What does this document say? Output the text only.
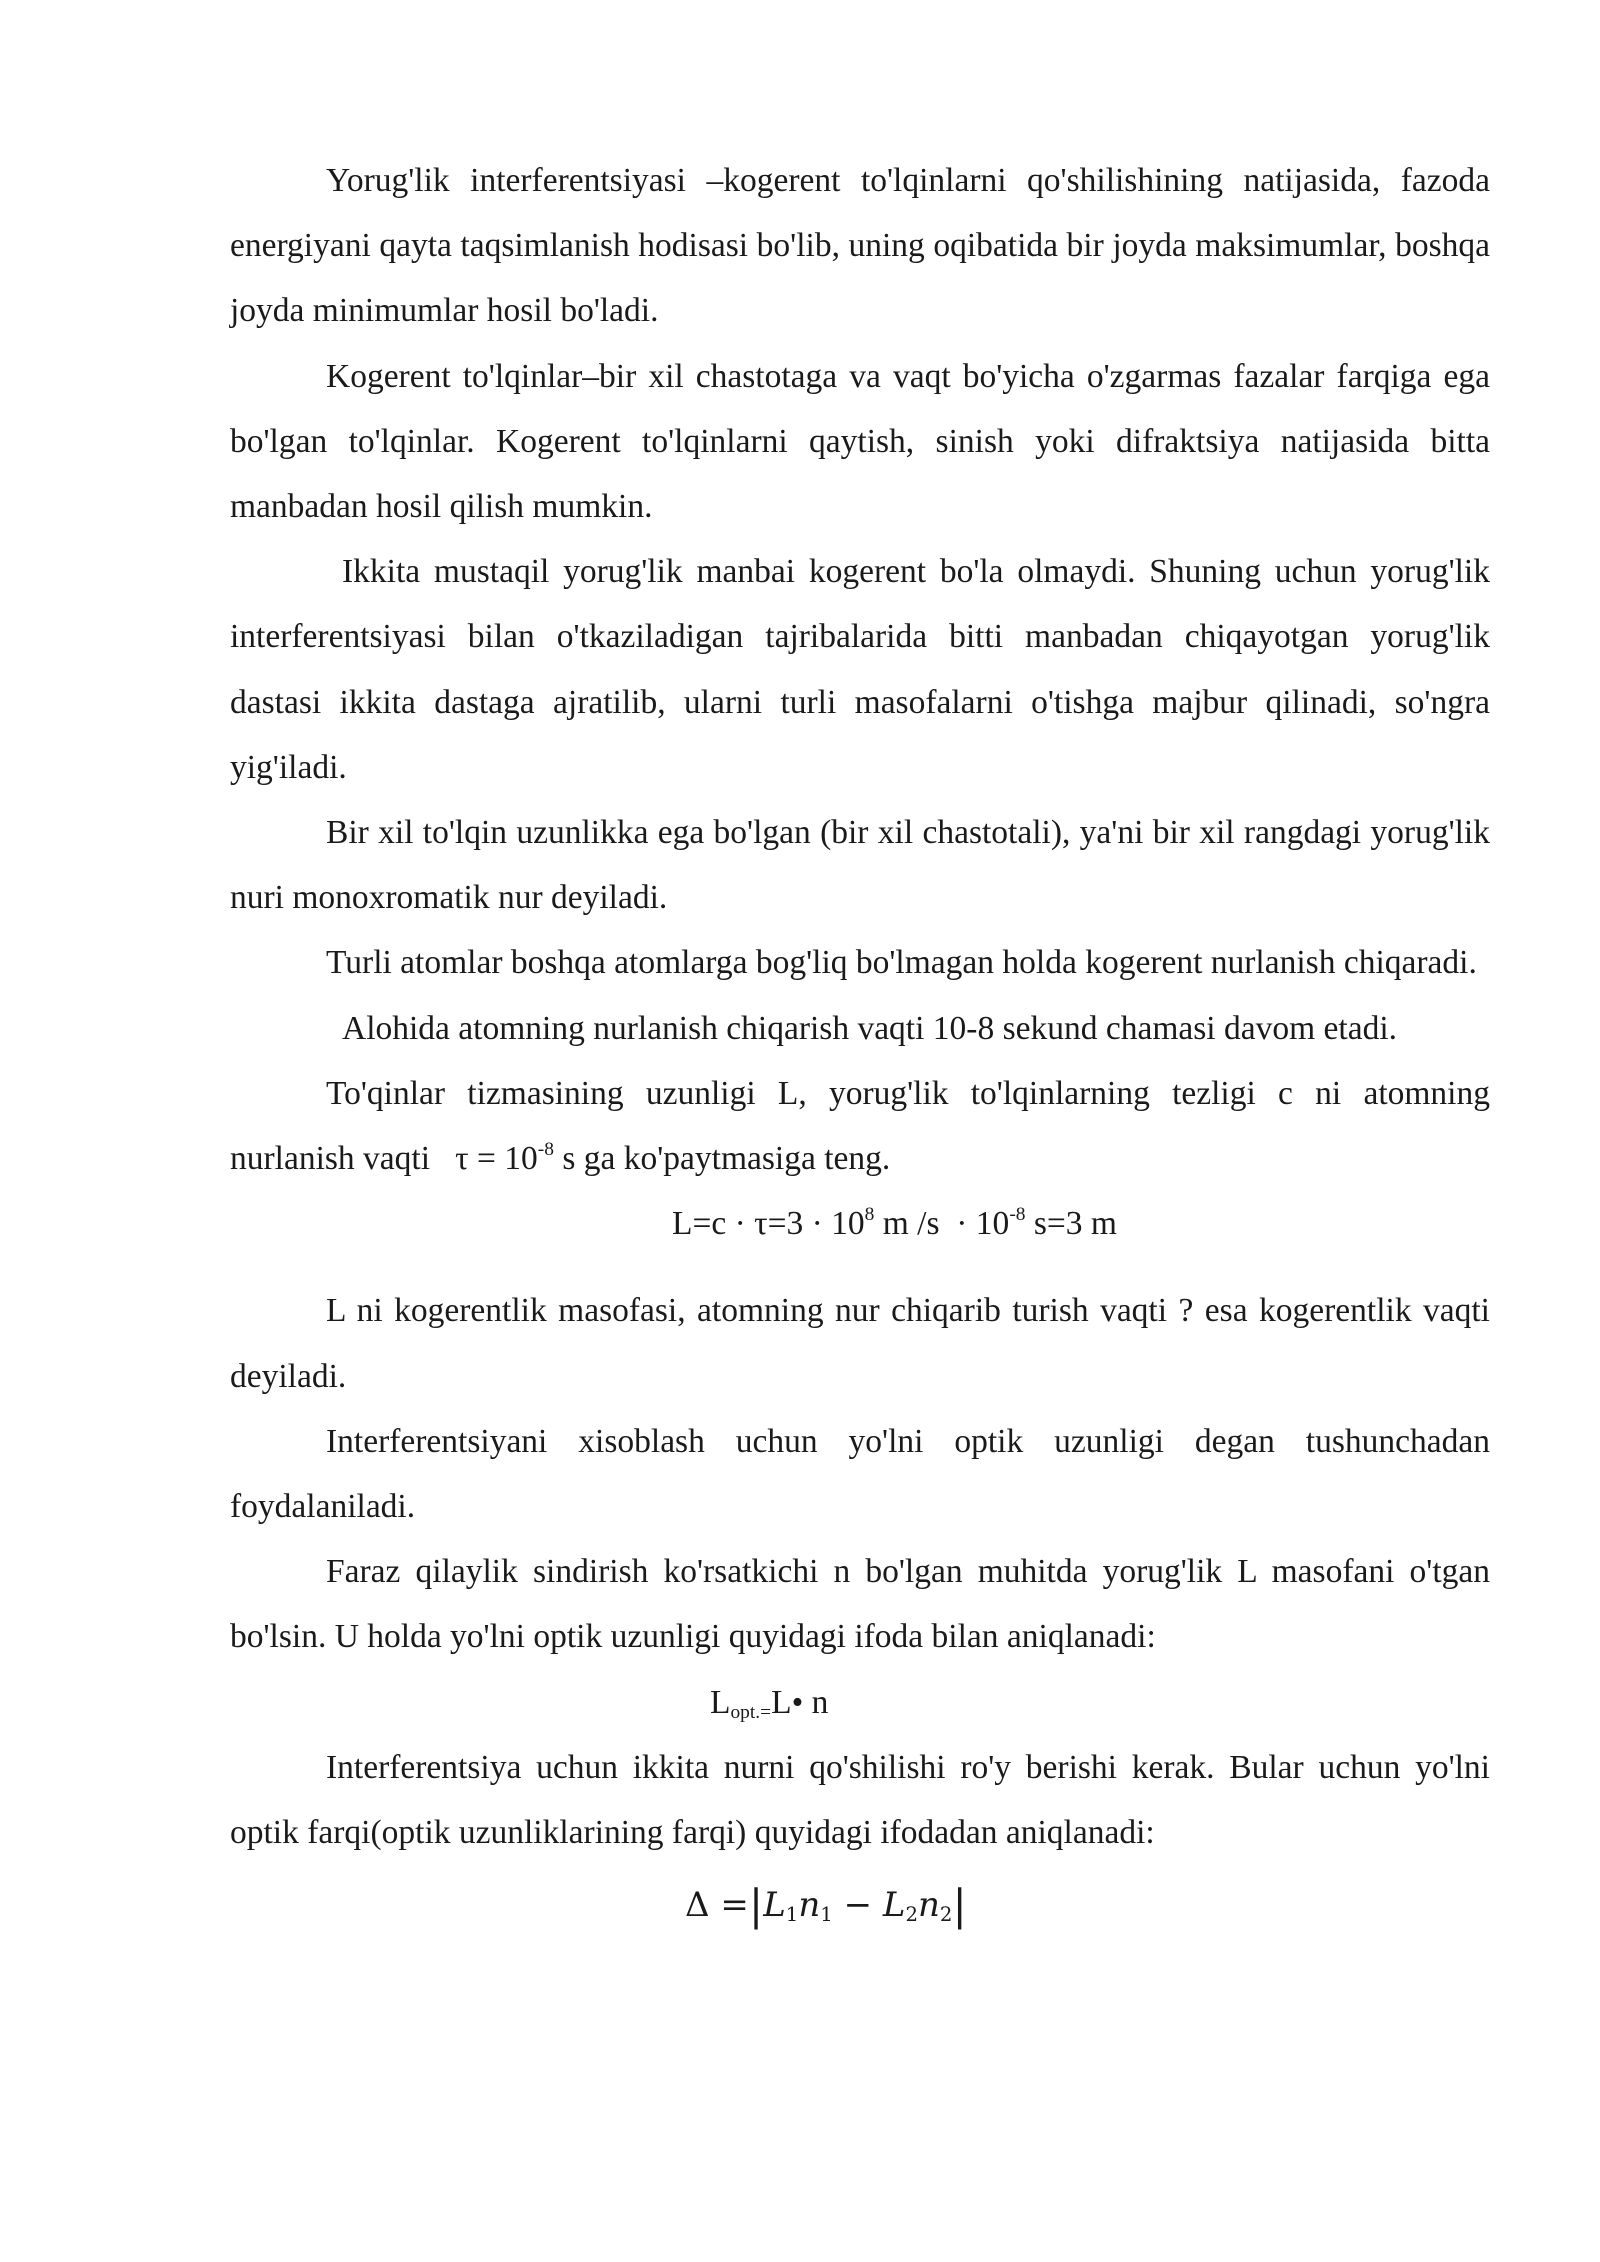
Yorug'lik interferentsiyasi –kogerent to'lqinlarni qo'shilishining natijasida, fazoda energiyani qayta taqsimlanish hodisasi bo'lib, uning oqibatida bir joyda maksimumlar, boshqa joyda minimumlar hosil bo'ladi.

Kogerent to'lqinlar–bir xil chastotaga va vaqt bo'yicha o'zgarmas fazalar farqiga ega bo'lgan to'lqinlar. Kogerent to'lqinlarni qaytish, sinish yoki difraktsiya natijasida bitta manbadan hosil qilish mumkin.

Ikkita mustaqil yorug'lik manbai kogerent bo'la olmaydi. Shuning uchun yorug'lik interferentsiyasi bilan o'tkaziladigan tajribalarida bitti manbadan chiqayotgan yorug'lik dastasi ikkita dastaga ajratilib, ularni turli masofalarni o'tishga majbur qilinadi, so'ngra yig'iladi.

Bir xil to'lqin uzunlikka ega bo'lgan (bir xil chastotali), ya'ni bir xil rangdagi yorug'lik nuri monoxromatik nur deyiladi.

Turli atomlar boshqa atomlarga bog'liq bo'lmagan holda kogerent nurlanish chiqaradi.

Alohida atomning nurlanish chiqarish vaqti 10-8 sekund chamasi davom etadi.

To'qinlar tizmasining uzunligi L, yorug'lik to'lqinlarning tezligi c ni atomning nurlanish vaqti $\tau = 10^{-8}$ s ga ko'paytmasiga teng.

$L=c \cdot \tau=3 \cdot 10^8$ m $/s \cdot 10^{-8}$ s=3 m

L ni kogerentlik masofasi, atomning nur chiqarib turish vaqti ? esa kogerentlik vaqti deyiladi.

Interferentsiyani xisoblash uchun yo'lni optik uzunligi degan tushunchadan foydalaniladi.

Faraz qilaylik sindirish ko'rsatkichi n bo'lgan muhitda yorug'lik L masofani o'tgan bo'lsin. U holda yo'lni optik uzunligi quyidagi ifoda bilan aniqlanadi:

$L_{opt.=}L•$ n

Interferentsiya uchun ikkita nurni qo'shilishi ro'y berishi kerak. Bular uchun yo'lni optik farqi(optik uzunliklarining farqi) quyidagi ifodadan aniqlanadi:

$\Delta =|L_1n_1 - L_2n_2|$
